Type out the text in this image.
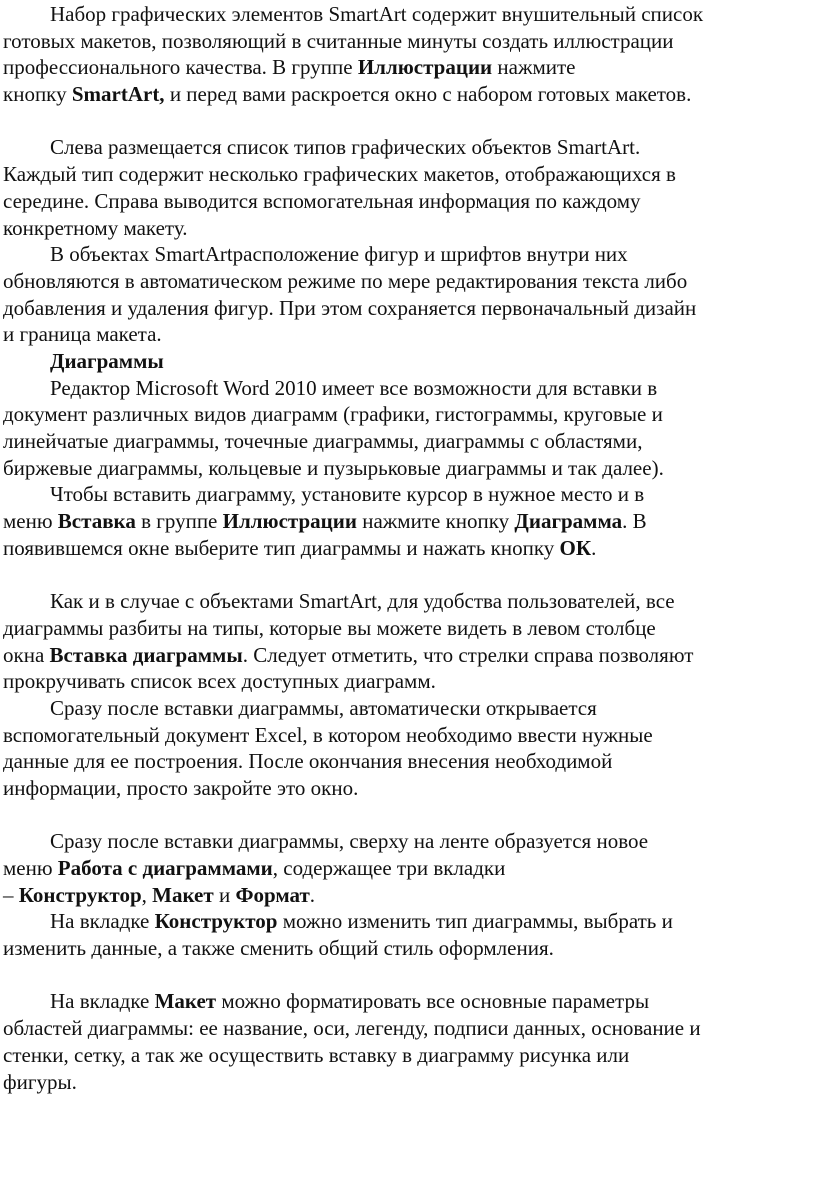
Набор графических элементов SmartArt содержит внушительный список
готовых макетов, позволяющий в считанные минуты создать иллюстрации
профессионального качества. В группе Иллюстрации нажмите
кнопку SmartArt, и перед вами раскроется окно с набором готовых макетов.
Слева размещается список типов графических объектов SmartArt.
Каждый тип содержит несколько графических макетов, отображающихся в
середине. Справа выводится вспомогательная информация по каждому
конкретному макету.
В объектах SmartArtрасположение фигур и шрифтов внутри них
обновляются в автоматическом режиме по мере редактирования текста либо
добавления и удаления фигур. При этом сохраняется первоначальный дизайн
и граница макета.
Диаграммы
Редактор Microsoft Word 2010 имеет все возможности для вставки в
документ различных видов диаграмм (графики, гистограммы, круговые и
линейчатые диаграммы, точечные диаграммы, диаграммы с областями,
биржевые диаграммы, кольцевые и пузырьковые диаграммы и так далее).
Чтобы вставить диаграмму, установите курсор в нужное место и в
меню Вставка в группе Иллюстрации нажмите кнопку Диаграмма. В
появившемся окне выберите тип диаграммы и нажать кнопку ОК.
Как и в случае с объектами SmartArt, для удобства пользователей, все
диаграммы разбиты на типы, которые вы можете видеть в левом столбце
окна Вставка диаграммы. Следует отметить, что стрелки справа позволяют
прокручивать список всех доступных диаграмм.
Сразу после вставки диаграммы, автоматически открывается
вспомогательный документ Excel, в котором необходимо ввести нужные
данные для ее построения. После окончания внесения необходимой
информации, просто закройте это окно.
Сразу после вставки диаграммы, сверху на ленте образуется новое
меню Работа с диаграммами, содержащее три вкладки
– Конструктор, Макет и Формат.
На вкладке Конструктор можно изменить тип диаграммы, выбрать и
изменить данные, а также сменить общий стиль оформления.
На вкладке Макет можно форматировать все основные параметры
областей диаграммы: ее название, оси, легенду, подписи данных, основание и
стенки, сетку, а так же осуществить вставку в диаграмму рисунка или
фигуры.
